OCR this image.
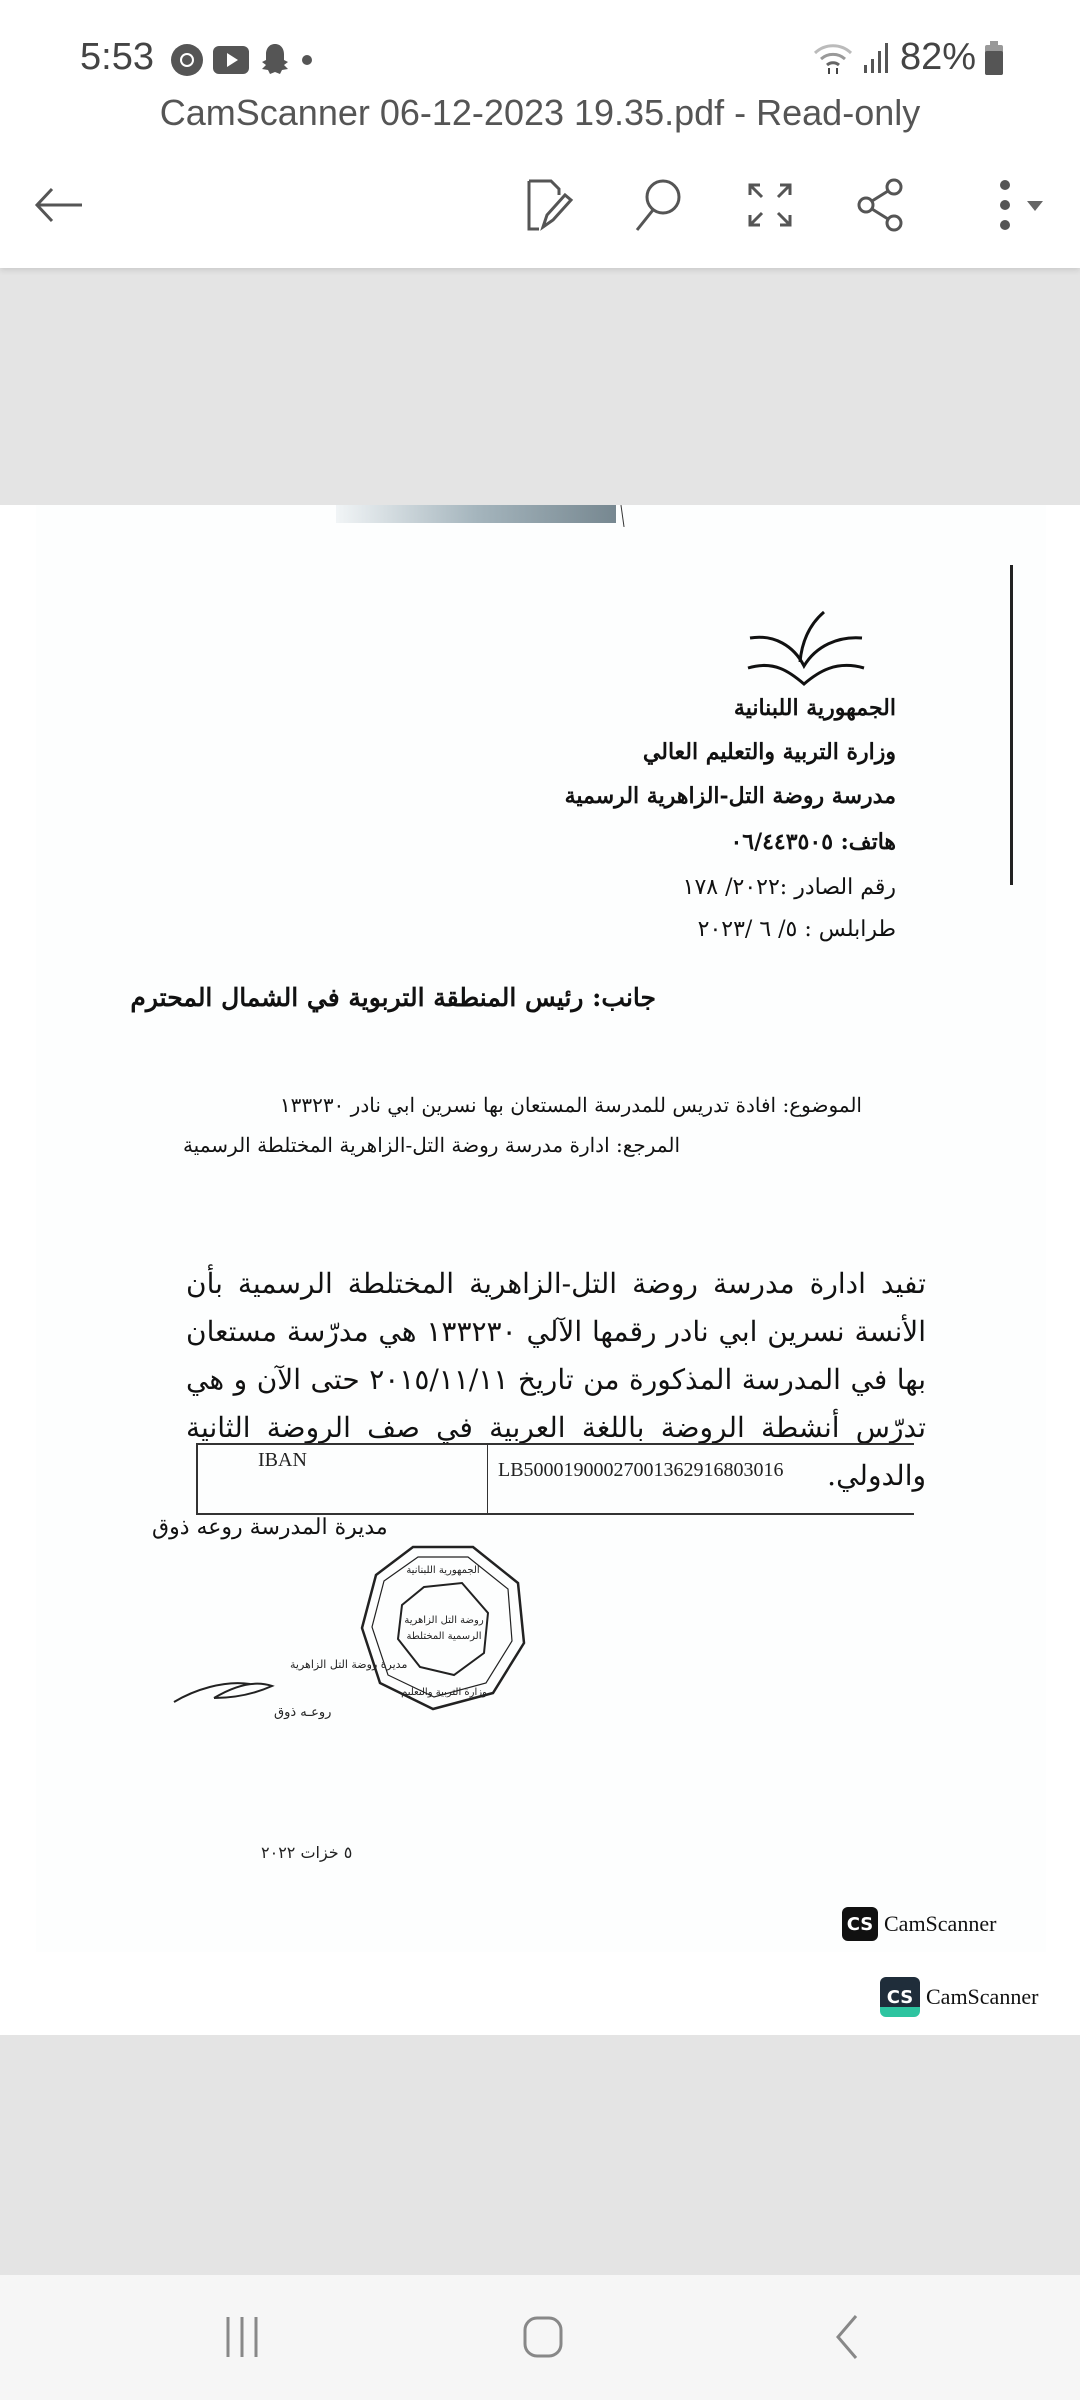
5:53	82%
CamScanner 06-12-2023 19.35.pdf - Read-only
الجمهورية اللبنانية
وزارة التربية والتعليم العالي
مدرسة روضة التل-الزاهرية الرسمية
هاتف: ٠٦/٤٤٣٥٠٥
رقم الصادر :٢٠٢٢/ ١٧٨
طرابلس : ٥/ ٦ /٢٠٢٣
جانب: رئيس المنطقة التربوية في الشمال المحترم
الموضوع: افادة تدريس للمدرسة المستعان بها نسرين ابي نادر ١٣٣٢٣٠
المرجع: ادارة مدرسة روضة التل-الزاهرية المختلطة الرسمية
تفيد ادارة مدرسة روضة التل-الزاهرية المختلطة الرسمية بأن الأنسة نسرين ابي نادر رقمها الآلي ١٣٣٢٣٠ هي مدرّسة مستعان بها في المدرسة المذكورة من تاريخ ٢٠١٥/١١/١١ حتى الآن و هي تدرّس أنشطة الروضة باللغة العربية في صف الروضة الثانية والدولي.
IBAN	LB50001900027001362916803016
مديرة المدرسة روعه ذوق
مديرة روضة التل الزاهرية
روعـه ذوق
الجمهورية اللبنانية
روضة التل الزاهرية
الرسمية المختلطة
وزارة التربية والتعليم
٥ خزات ٢٠٢٢
CS CamScanner
CS CamScanner
